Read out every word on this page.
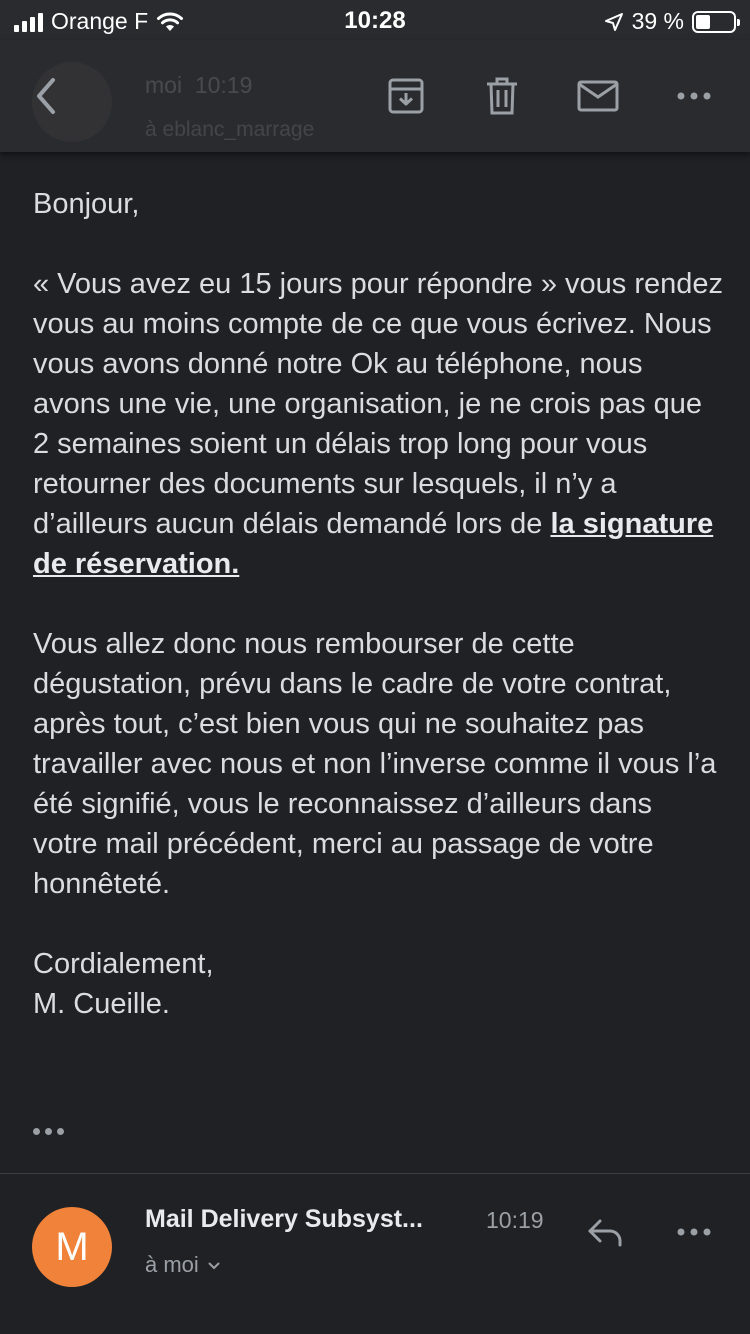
Orange F	10:28	39 %
moi 10:19
à eblanc_marrage

Bonjour,

« Vous avez eu 15 jours pour répondre » vous rendez vous au moins compte de ce que vous écrivez. Nous vous avons donné notre Ok au téléphone, nous avons une vie, une organisation, je ne crois pas que 2 semaines soient un délais trop long pour vous retourner des documents sur lesquels, il n’y a d’ailleurs aucun délais demandé lors de la signature de réservation.

Vous allez donc nous rembourser de cette dégustation, prévu dans le cadre de votre contrat, après tout, c’est bien vous qui ne souhaitez pas travailler avec nous et non l’inverse comme il vous l’a été signifié, vous le reconnaissez d’ailleurs dans votre mail précédent, merci au passage de votre honnêteté.

Cordialement,

M. Cueille.

M
Mail Delivery Subsyst...	10:19
à moi
